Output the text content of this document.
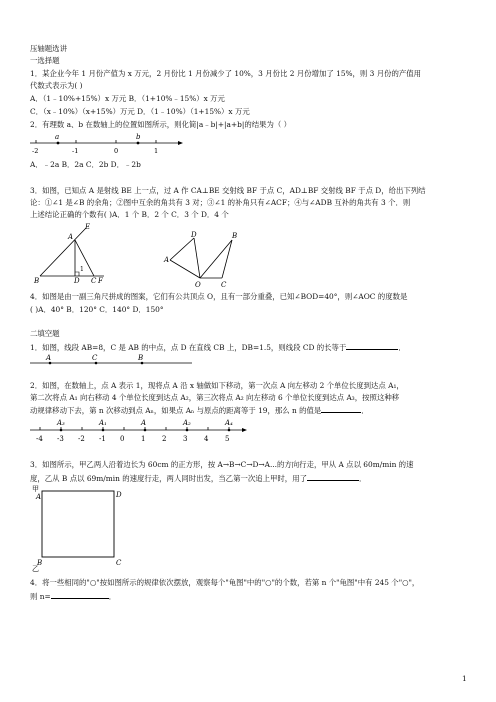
压轴题选讲
一选择题
1．某企业今年 1 月份产值为 x 万元，2 月份比 1 月份减少了 10%，3 月份比 2 月份增加了 15%，则 3 月份的产值用
代数式表示为( )
A．（1﹣10%+15%）x 万元 B．（1+10%﹣15%）x 万元
C．（x﹣10%）（x+15%）万元 D．（1﹣10%）（1+15%）x 万元
2．有理数 a、b 在数轴上的位置如图所示，则化简|a﹣b|+|a+b|的结果为（ ）
a	b
-2	-1	0	1
A．﹣2a B．2a C．2b D．﹣2b
3．如图，已知点 A 是射线 BE 上一点，过 A 作 CA⊥BE 交射线 BF 于点 C，AD⊥BF 交射线 BF 于点 D，给出下列结
论：①∠1 是∠B 的余角；②图中互余的角共有 3 对；③∠1 的补角只有∠ACF；④与∠ADB 互补的角共有 3 个．则
上述结论正确的个数有( )A．1 个 B．2 个 C．3 个 D．4 个
E
A
1
B	D C F
D	B
A
O	C
4．如图是由一副三角尺拼成的图案，它们有公共顶点 O，且有一部分重叠，已知∠BOD=40°，则∠AOC 的度数是
( )A．40° B．120° C．140° D．150°
二填空题
1．如图，线段 AB=8，C 是 AB 的中点，点 D 在直线 CB 上，DB=1.5，则线段 CD 的长等于	．
A	C	B
2．如图，在数轴上，点 A 表示 1，现将点 A 沿 x 轴做如下移动，第一次点 A 向左移动 2 个单位长度到达点 A₁，
第二次将点 A₁ 向右移动 4 个单位长度到达点 A₂，第三次将点 A₂ 向左移动 6 个单位长度到达点 A₃，按照这种移
动规律移动下去，第 n 次移动到点 Aₙ，如果点 Aₙ 与原点的距离等于 19，那么 n 的值是	．
-4 -3 -2 -1 0 1 2 3 4 5
A₃	A₁	A	A₂	A₄
3．如图所示，甲乙两人沿着边长为 60cm 的正方形，按 A→B→C→D→A...的方向行走，甲从 A 点以 60m/min 的速
度，乙从 B 点以 69m/min 的速度行走，两人同时出发，当乙第一次追上甲时，用了	．
甲
A	D
B
乙
C
4．将一些相同的"○"按如图所示的规律依次摆放，观察每个"龟图"中的"○"的个数，若第 n 个"龟图"中有 245 个"○"，
则 n=	．
1
